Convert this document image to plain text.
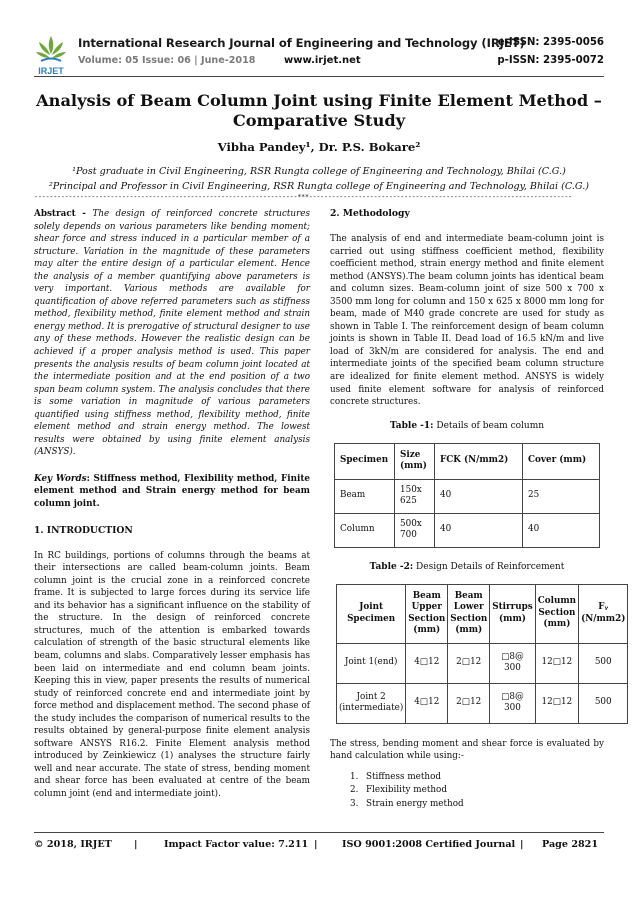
IRJET
International Research Journal of Engineering and Technology (IRJET)
e-ISSN: 2395-0056
Volume: 05 Issue: 06 | June-2018	www.irjet.net	p-ISSN: 2395-0072
Analysis of Beam Column Joint using Finite Element Method – Comparative Study
Vibha Pandey¹, Dr. P.S. Bokare²
¹Post graduate in Civil Engineering, RSR Rungta college of Engineering and Technology, Bhilai (C.G.)
²Principal and Professor in Civil Engineering, RSR Rungta college of Engineering and Technology, Bhilai (C.G.)
---------------------------------------------------------------------***---------------------------------------------------------------------

Abstract - The design of reinforced concrete structures solely depends on various parameters like bending moment; shear force and stress induced in a particular member of a structure. Variation in the magnitude of these parameters may alter the entire design of a particular element. Hence the analysis of a member quantifying above parameters is very important. Various methods are available for quantification of above referred parameters such as stiffness method, flexibility method, finite element method and strain energy method. It is prerogative of structural designer to use any of these methods. However the realistic design can be achieved if a proper analysis method is used. This paper presents the analysis results of beam column joint located at the intermediate position and at the end position of a two span beam column system. The analysis concludes that there is some variation in magnitude of various parameters quantified using stiffness method, flexibility method, finite element method and strain energy method. The lowest results were obtained by using finite element analysis (ANSYS).

Key Words: Stiffness method, Flexibility method, Finite element method and Strain energy method for beam column joint.

1. INTRODUCTION

In RC buildings, portions of columns through the beams at their intersections are called beam-column joints. Beam column joint is the crucial zone in a reinforced concrete frame. It is subjected to large forces during its service life and its behavior has a significant influence on the stability of the structure. In the design of reinforced concrete structures, much of the attention is embarked towards calculation of strength of the basic structural elements like beam, columns and slabs. Comparatively lesser emphasis has been laid on intermediate and end column beam joints. Keeping this in view, paper presents the results of numerical study of reinforced concrete end and intermediate joint by force method and displacement method. The second phase of the study includes the comparison of numerical results to the results obtained by general-purpose finite element analysis software ANSYS R16.2. Finite Element analysis method introduced by Zeinkiewicz (1) analyses the structure fairly well and near accurate. The state of stress, bending moment and shear force has been evaluated at centre of the beam column joint (end and intermediate joint).

2. Methodology

The analysis of end and intermediate beam-column joint is carried out using stiffness coefficient method, flexibility coefficient method, strain energy method and finite element method (ANSYS).The beam column joints has identical beam and column sizes. Beam-column joint of size 500 x 700 x 3500 mm long for column and 150 x 625 x 8000 mm long for beam, made of M40 grade concrete are used for study as shown in Table I. The reinforcement design of beam column joints is shown in Table II. Dead load of 16.5 kN/m and live load of 3kN/m are considered for analysis. The end and intermediate joints of the specified beam column structure are idealized for finite element method. ANSYS is widely used finite element software for analysis of reinforced concrete structures.

Table -1: Details of beam column
Specimen	Size (mm)	FCK (N/mm2)	Cover (mm)
Beam	150x 625	40	25
Column	500x 700	40	40
Table -2: Design Details of Reinforcement
Joint Specimen	Beam Upper Section (mm)	Beam Lower Section (mm)	Stirrups (mm)	Column Section (mm)	Fᵧ (N/mm2)
Joint 1(end)	4□12	2□12	□8@ 300	12□12	500
Joint 2 (intermediate)	4□12	2□12	□8@ 300	12□12	500

The stress, bending moment and shear force is evaluated by hand calculation while using:-

1. Stiffness method
2. Flexibility method
3. Strain energy method
© 2018, IRJET |	Impact Factor value: 7.211 |	ISO 9001:2008 Certified Journal | Page 2821
